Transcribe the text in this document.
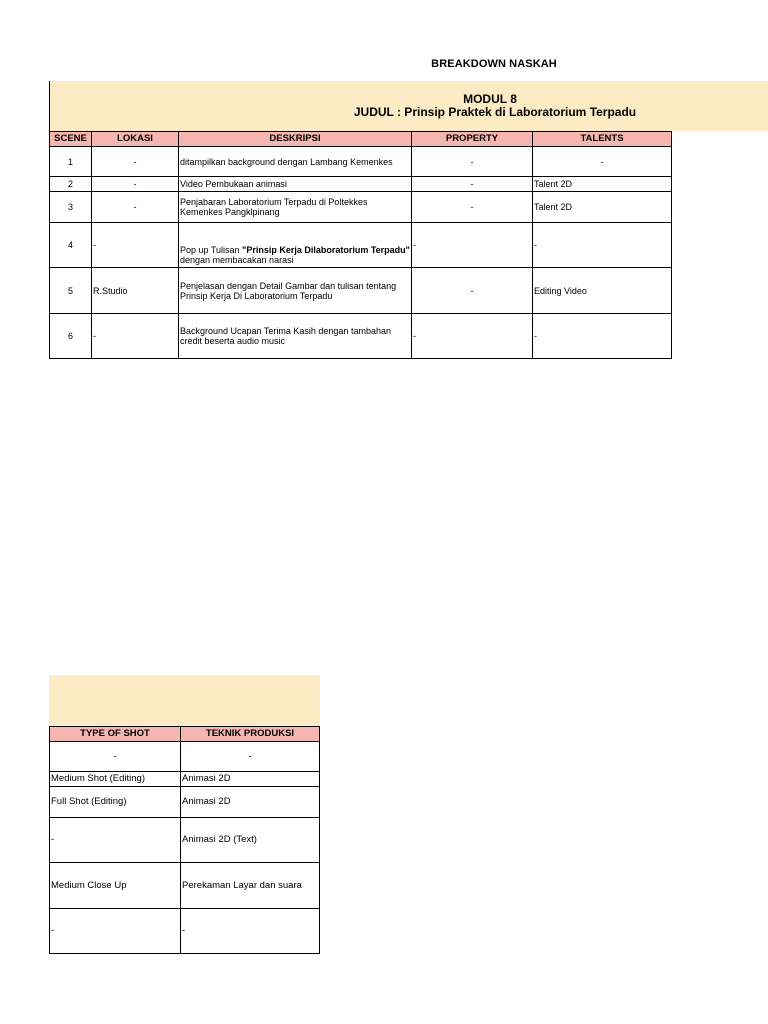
BREAKDOWN NASKAH
MODUL 8
JUDUL : Prinsip Praktek di Laboratorium Terpadu
SCENE	LOKASI	DESKRIPSI	PROPERTY	TALENTS
1	-	ditampilkan background dengan Lambang Kemenkes	-	-
2	-	Video Pembukaan animasi	-	Talent 2D
3	-	Penjabaran Laboratorium Terpadu di Poltekkes Kemenkes Pangklpinang	-	Talent 2D
4	-	Pop up Tulisan "Prinsip Kerja Dilaboratorium Terpadu" dengan membacakan narasi	-	-
5	R.Studio	Penjelasan dengan Detail Gambar dan tulisan tentang Prinsip Kerja Di Laboratorium Terpadu	-	Editing Video
6	-	Background Ucapan Terima Kasih dengan tambahan credit beserta audio music	-	-
TYPE OF SHOT	TEKNIK PRODUKSI
-	-
Medium Shot (Editing)	Animasi 2D
Full Shot (Editing)	Animasi 2D
-	Animasi 2D (Text)
Medium Close Up	Perekaman Layar dan suara
-	-
